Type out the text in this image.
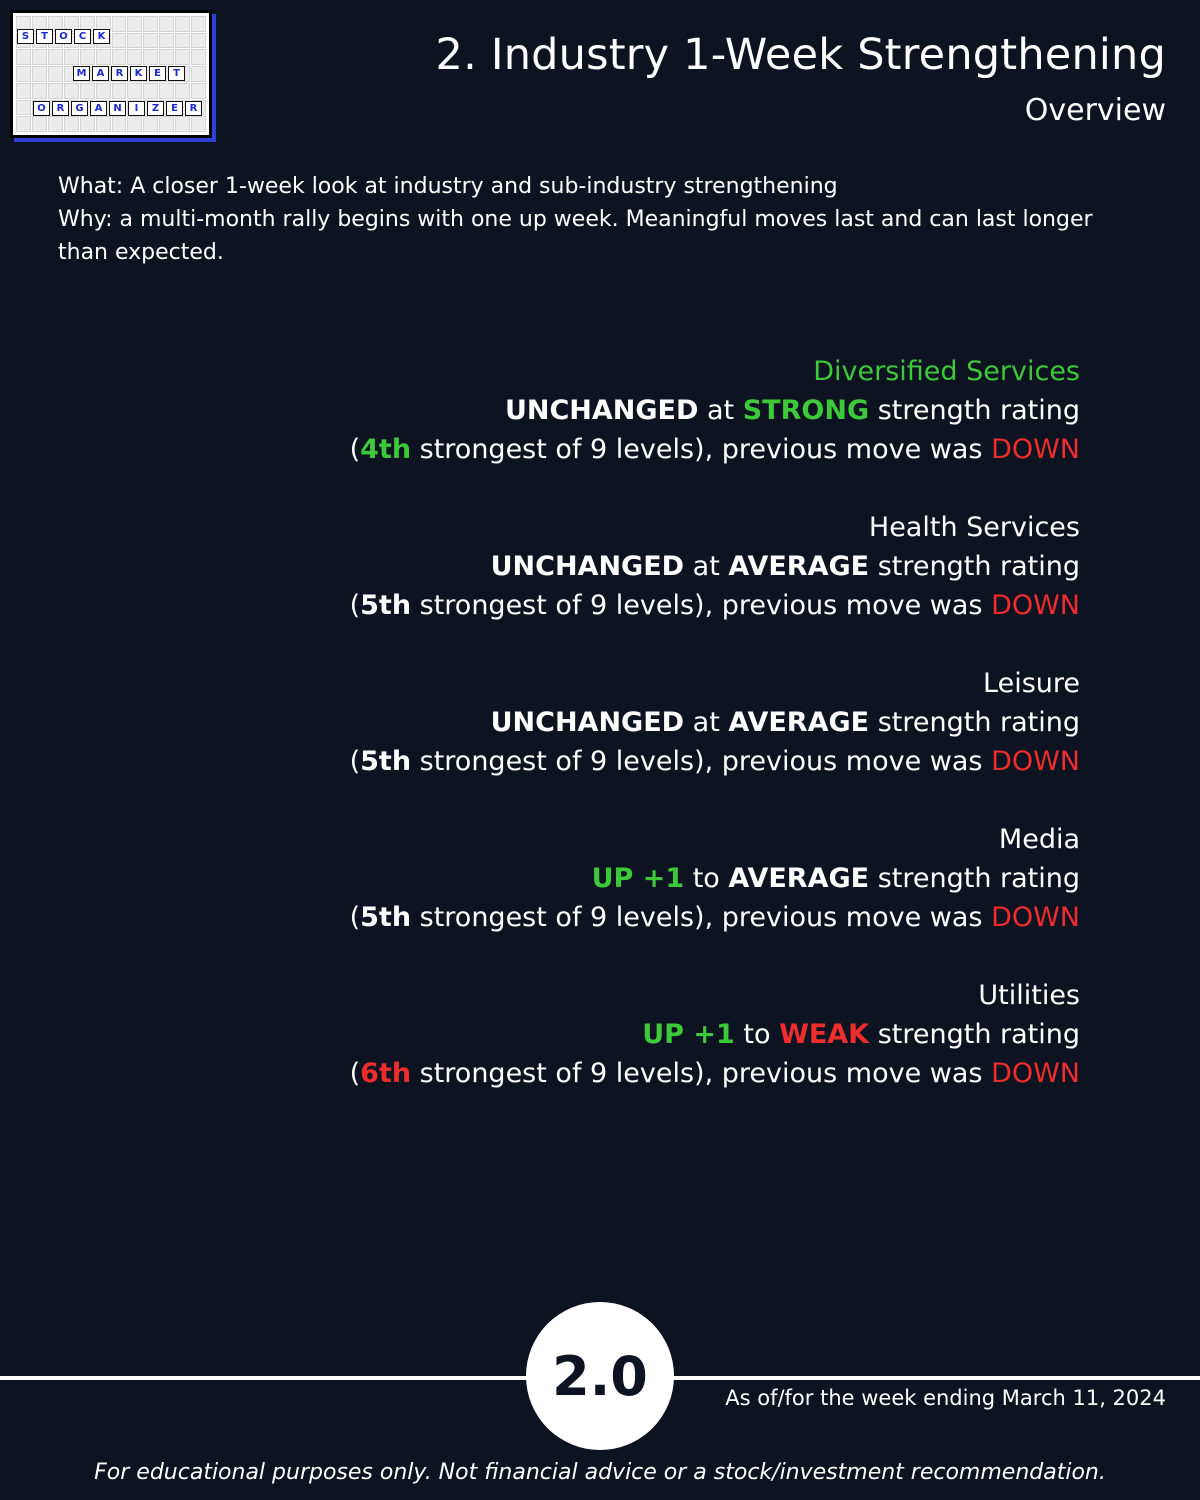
S	T	O	C	K
M	A	R	K	E	T
O	R	G	A	N	I	Z	E	R
2. Industry 1-Week Strengthening
Overview
What: A closer 1-week look at industry and sub-industry strengthening
Why: a multi-month rally begins with one up week. Meaningful moves last and can last longer than expected.
Diversified Services
UNCHANGED at STRONG strength rating
(4th strongest of 9 levels), previous move was DOWN
Health Services
UNCHANGED at AVERAGE strength rating
(5th strongest of 9 levels), previous move was DOWN
Leisure
UNCHANGED at AVERAGE strength rating
(5th strongest of 9 levels), previous move was DOWN
Media
UP +1 to AVERAGE strength rating
(5th strongest of 9 levels), previous move was DOWN
Utilities
UP +1 to WEAK strength rating
(6th strongest of 9 levels), previous move was DOWN
2.0	As of/for the week ending March 11, 2024
For educational purposes only. Not financial advice or a stock/investment recommendation.
